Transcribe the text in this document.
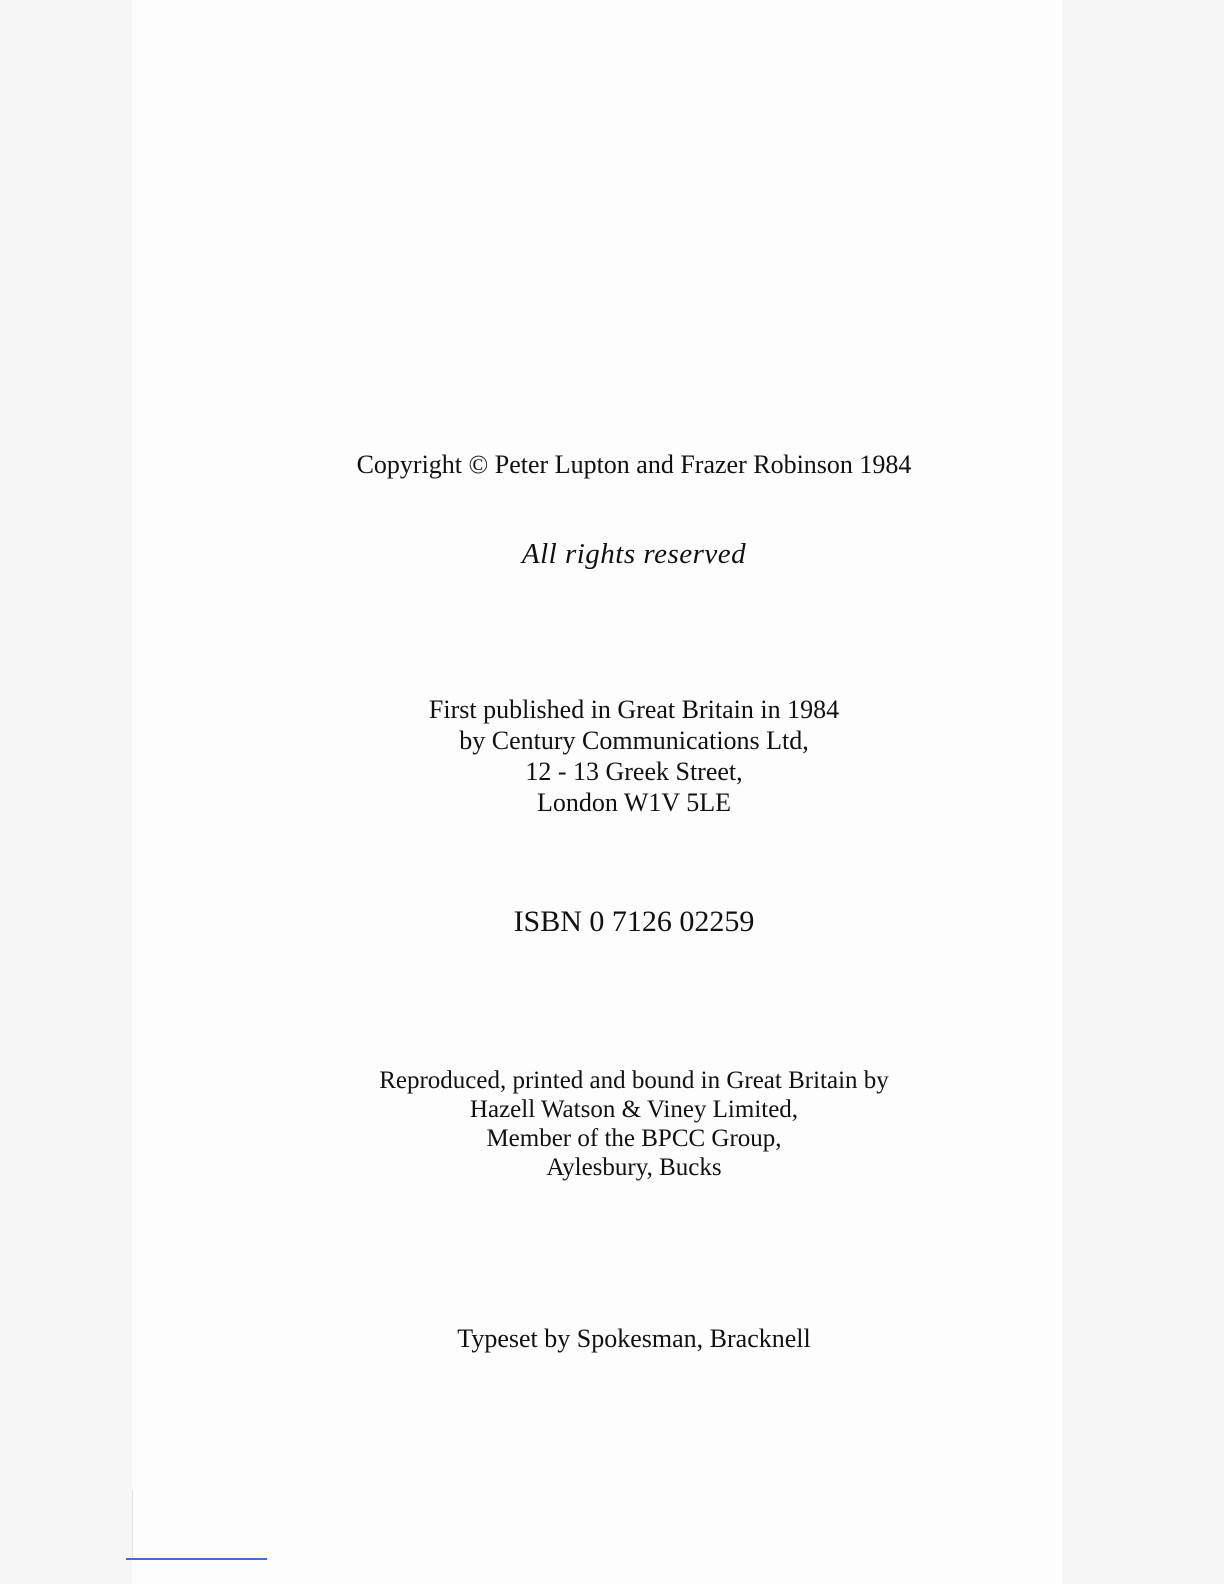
Copyright © Peter Lupton and Frazer Robinson 1984
All rights reserved
First published in Great Britain in 1984
by Century Communications Ltd,
12 - 13 Greek Street,
London W1V 5LE
ISBN 0 7126 02259
Reproduced, printed and bound in Great Britain by
Hazell Watson & Viney Limited,
Member of the BPCC Group,
Aylesbury, Bucks
Typeset by Spokesman, Bracknell
